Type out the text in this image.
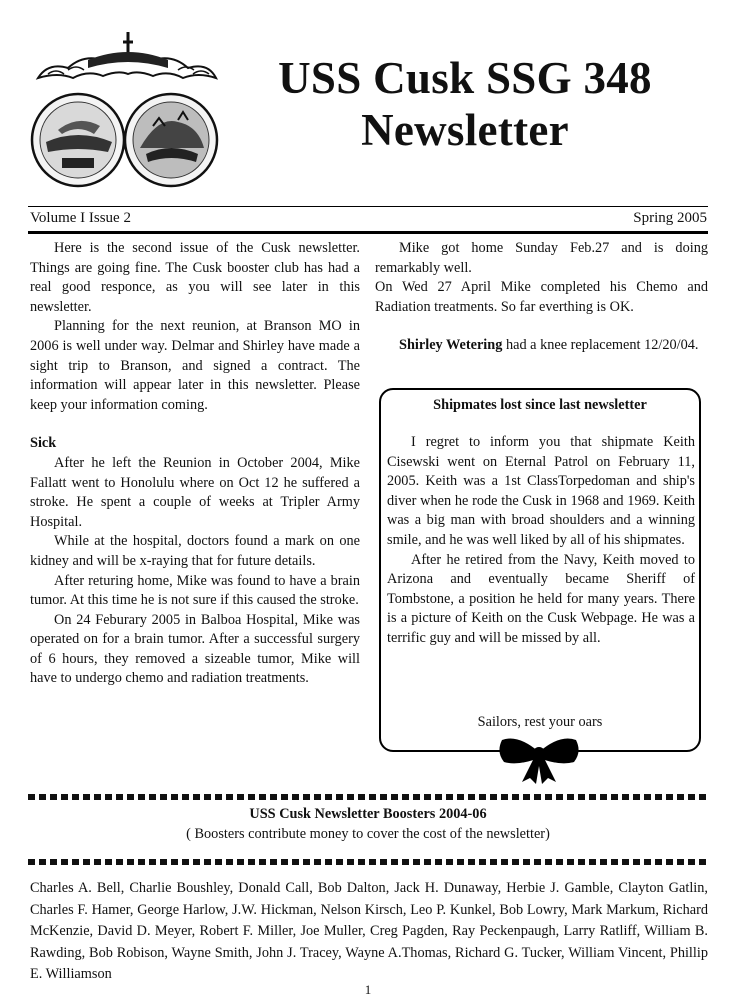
USS Cusk SSG 348
Newsletter
Volume I Issue 2	Spring 2005

Here is the second issue of the Cusk newsletter. Things are going fine. The Cusk booster club has had a real good responce, as you will see later in this newsletter.

Planning for the next reunion, at Branson MO in 2006 is well under way. Delmar and Shirley have made a sight trip to Branson, and signed a contract. The information will appear later in this newsletter. Please keep your information coming.

Sick

After he left the Reunion in October 2004, Mike Fallatt went to Honolulu where on Oct 12 he suffered a stroke. He spent a couple of weeks at Tripler Army Hospital.

While at the hospital, doctors found a mark on one kidney and will be x-raying that for future details.

After returing home, Mike was found to have a brain tumor. At this time he is not sure if this caused the stroke.

On 24 Feburary 2005 in Balboa Hospital, Mike was operated on for a brain tumor. After a successful surgery of 6 hours, they removed a sizeable tumor, Mike will have to undergo chemo and radiation treatments.

Mike got home Sunday Feb.27 and is doing remarkably well.

On Wed 27 April Mike completed his Chemo and Radiation treatments. So far everthing is OK.

Shirley Wetering had a knee replacement 12/20/04.

Shipmates lost since last newsletter

I regret to inform you that shipmate Keith Cisewski went on Eternal Patrol on February 11, 2005. Keith was a 1st ClassTorpedoman and ship's diver when he rode the Cusk in 1968 and 1969. Keith was a big man with broad shoulders and a winning smile, and he was well liked by all of his shipmates.

After he retired from the Navy, Keith moved to Arizona and eventually became Sheriff of Tombstone, a position he held for many years. There is a picture of Keith on the Cusk Webpage. He was a terrific guy and will be missed by all.

Sailors, rest your oars
USS Cusk Newsletter Boosters 2004-06
( Boosters contribute money to cover the cost of the newsletter)
Charles A. Bell, Charlie Boushley, Donald Call, Bob Dalton, Jack H. Dunaway, Herbie J. Gamble, Clayton Gatlin, Charles F. Hamer, George Harlow, J.W. Hickman, Nelson Kirsch, Leo P. Kunkel, Bob Lowry, Mark Markum, Richard McKenzie, David D. Meyer, Robert F. Miller, Joe Muller, Creg Pagden, Ray Peckenpaugh, Larry Ratliff, William B. Rawding, Bob Robison, Wayne Smith, John J. Tracey, Wayne A.Thomas, Richard G. Tucker, William Vincent, Phillip E. Williamson
1
